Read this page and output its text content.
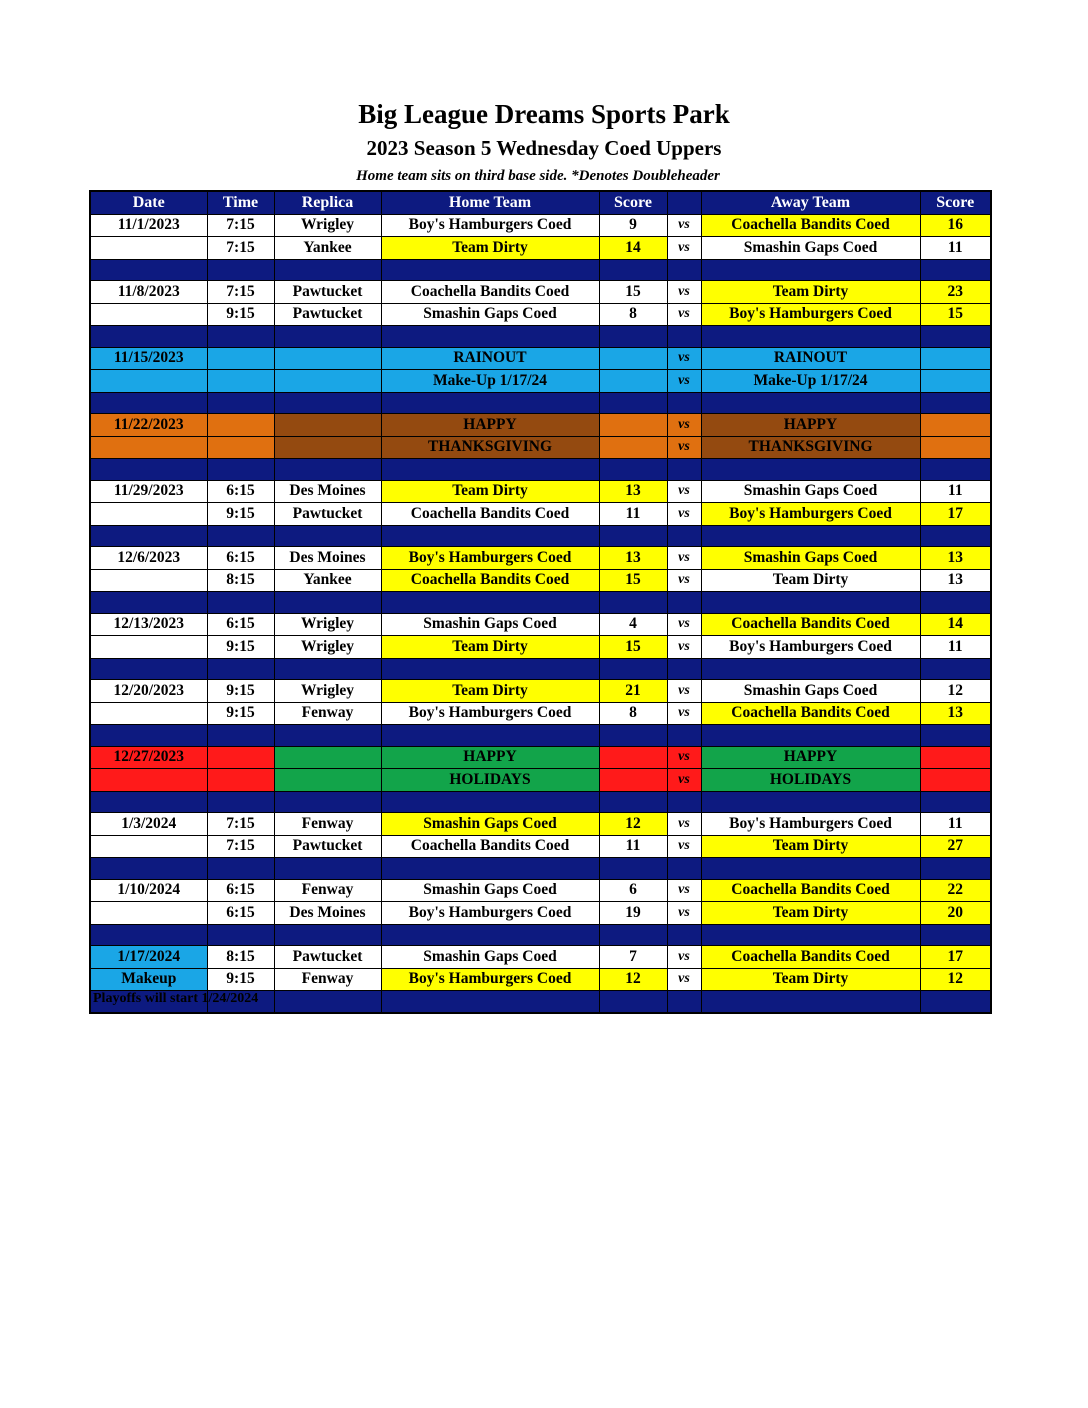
Big League Dreams Sports Park
2023 Season 5 Wednesday Coed Uppers
Home team sits on third base side. *Denotes Doubleheader
Date	Time	Replica	Home Team	Score		Away Team	Score
11/1/2023	7:15	Wrigley	Boy's Hamburgers Coed	9	vs	Coachella Bandits Coed	16
	7:15	Yankee	Team Dirty	14	vs	Smashin Gaps Coed	11

11/8/2023	7:15	Pawtucket	Coachella Bandits Coed	15	vs	Team Dirty	23
	9:15	Pawtucket	Smashin Gaps Coed	8	vs	Boy's Hamburgers Coed	15

11/15/2023			RAINOUT		vs	RAINOUT	
			Make-Up 1/17/24		vs	Make-Up 1/17/24	

11/22/2023			HAPPY		vs	HAPPY	
			THANKSGIVING		vs	THANKSGIVING	

11/29/2023	6:15	Des Moines	Team Dirty	13	vs	Smashin Gaps Coed	11
	9:15	Pawtucket	Coachella Bandits Coed	11	vs	Boy's Hamburgers Coed	17

12/6/2023	6:15	Des Moines	Boy's Hamburgers Coed	13	vs	Smashin Gaps Coed	13
	8:15	Yankee	Coachella Bandits Coed	15	vs	Team Dirty	13

12/13/2023	6:15	Wrigley	Smashin Gaps Coed	4	vs	Coachella Bandits Coed	14
	9:15	Wrigley	Team Dirty	15	vs	Boy's Hamburgers Coed	11

12/20/2023	9:15	Wrigley	Team Dirty	21	vs	Smashin Gaps Coed	12
	9:15	Fenway	Boy's Hamburgers Coed	8	vs	Coachella Bandits Coed	13

12/27/2023			HAPPY		vs	HAPPY	
			HOLIDAYS		vs	HOLIDAYS	

1/3/2024	7:15	Fenway	Smashin Gaps Coed	12	vs	Boy's Hamburgers Coed	11
	7:15	Pawtucket	Coachella Bandits Coed	11	vs	Team Dirty	27

1/10/2024	6:15	Fenway	Smashin Gaps Coed	6	vs	Coachella Bandits Coed	22
	6:15	Des Moines	Boy's Hamburgers Coed	19	vs	Team Dirty	20

1/17/2024	8:15	Pawtucket	Smashin Gaps Coed	7	vs	Coachella Bandits Coed	17
Makeup	9:15	Fenway	Boy's Hamburgers Coed	12	vs	Team Dirty	12

Playoffs will start 1/24/2024
